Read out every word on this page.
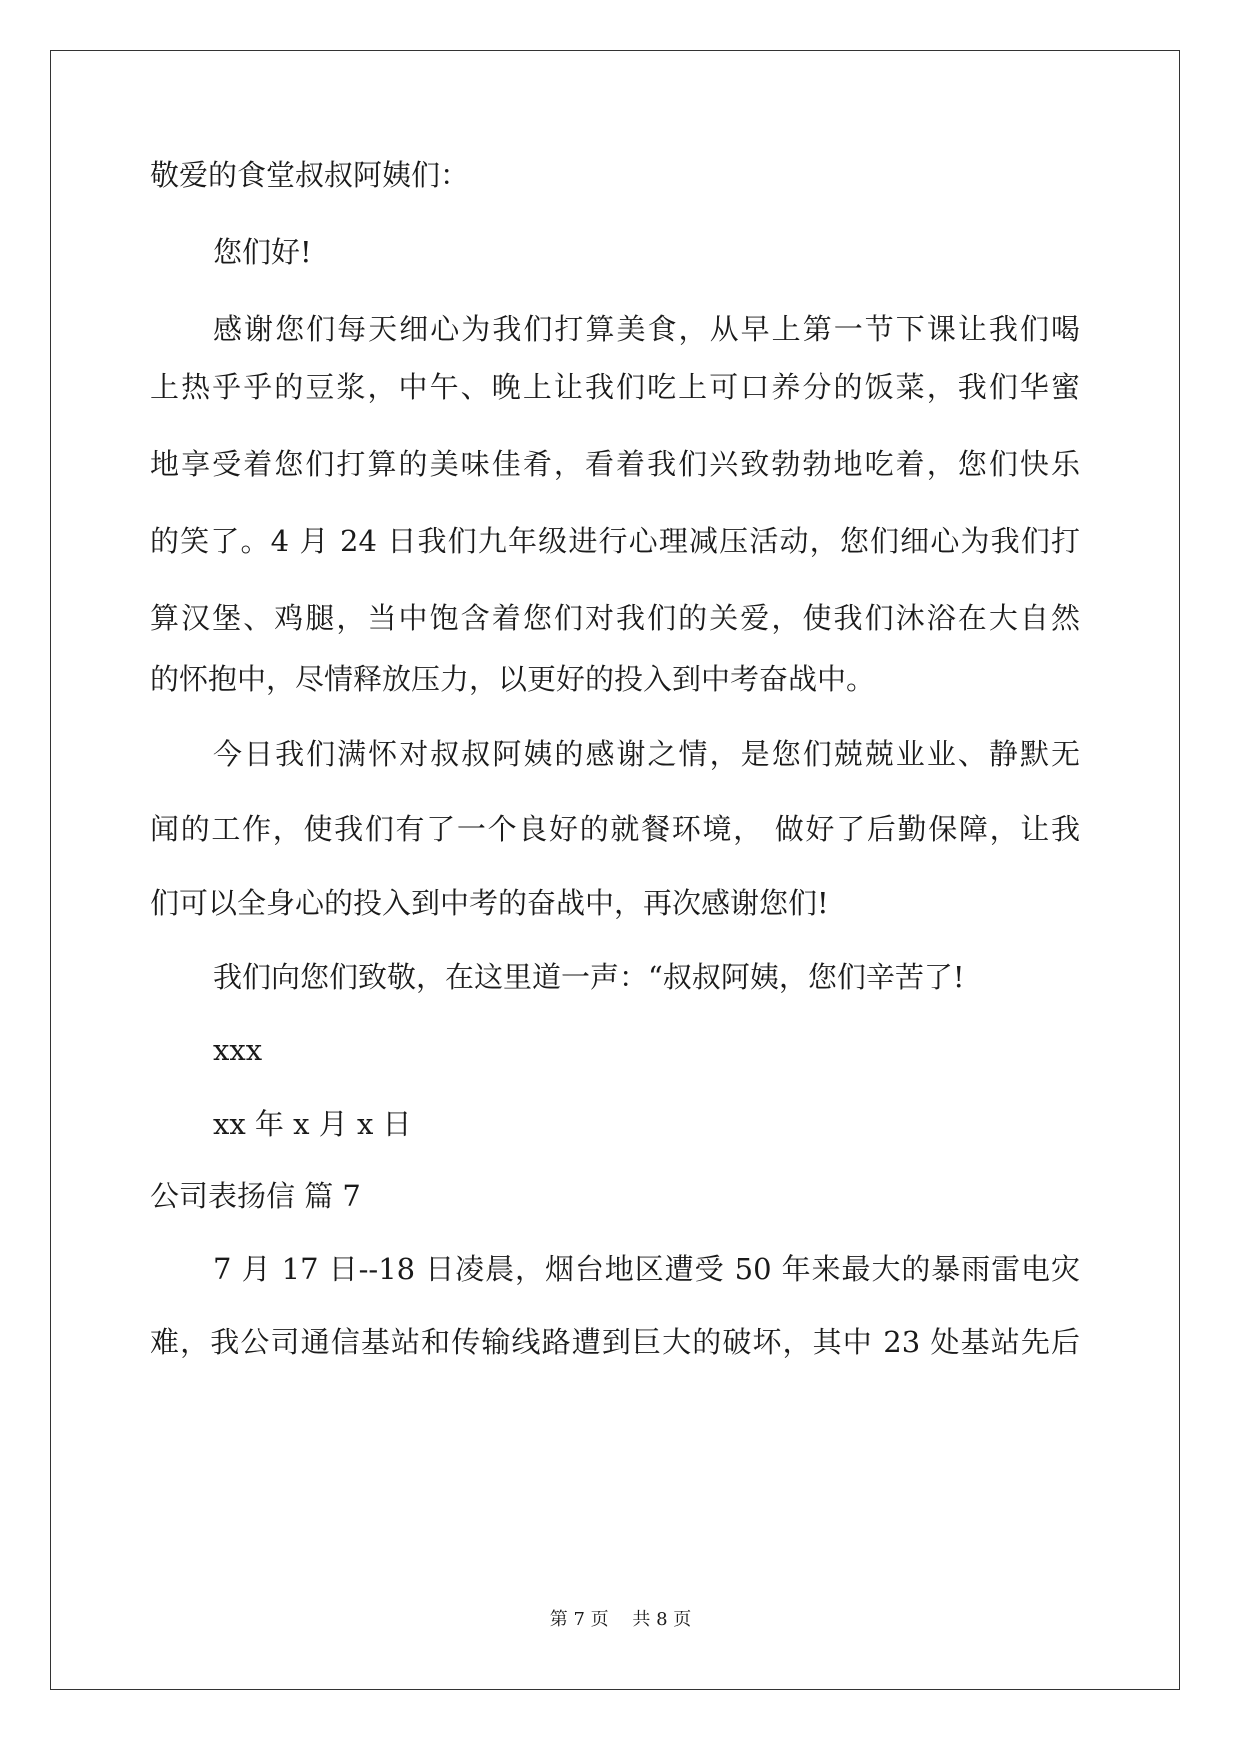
敬爱的食堂叔叔阿姨们：
您们好!
感谢您们每天细心为我们打算美食，从早上第一节下课让我们喝
上热乎乎的豆浆，中午、晚上让我们吃上可口养分的饭菜，我们华蜜
地享受着您们打算的美味佳肴，看着我们兴致勃勃地吃着，您们快乐
的笑了。4 月 24 日我们九年级进行心理减压活动，您们细心为我们打
算汉堡、鸡腿，当中饱含着您们对我们的关爱，使我们沐浴在大自然
的怀抱中，尽情释放压力，以更好的投入到中考奋战中。
今日我们满怀对叔叔阿姨的感谢之情，是您们兢兢业业、静默无
闻的工作，使我们有了一个良好的就餐环境， 做好了后勤保障，让我
们可以全身心的投入到中考的奋战中，再次感谢您们!
我们向您们致敬，在这里道一声：“叔叔阿姨，您们辛苦了!
xxx
xx 年 x 月 x 日
公司表扬信 篇 7
7 月 17 日--18 日凌晨，烟台地区遭受 50 年来最大的暴雨雷电灾
难，我公司通信基站和传输线路遭到巨大的破坏，其中 23 处基站先后
第 7 页　 共 8 页
